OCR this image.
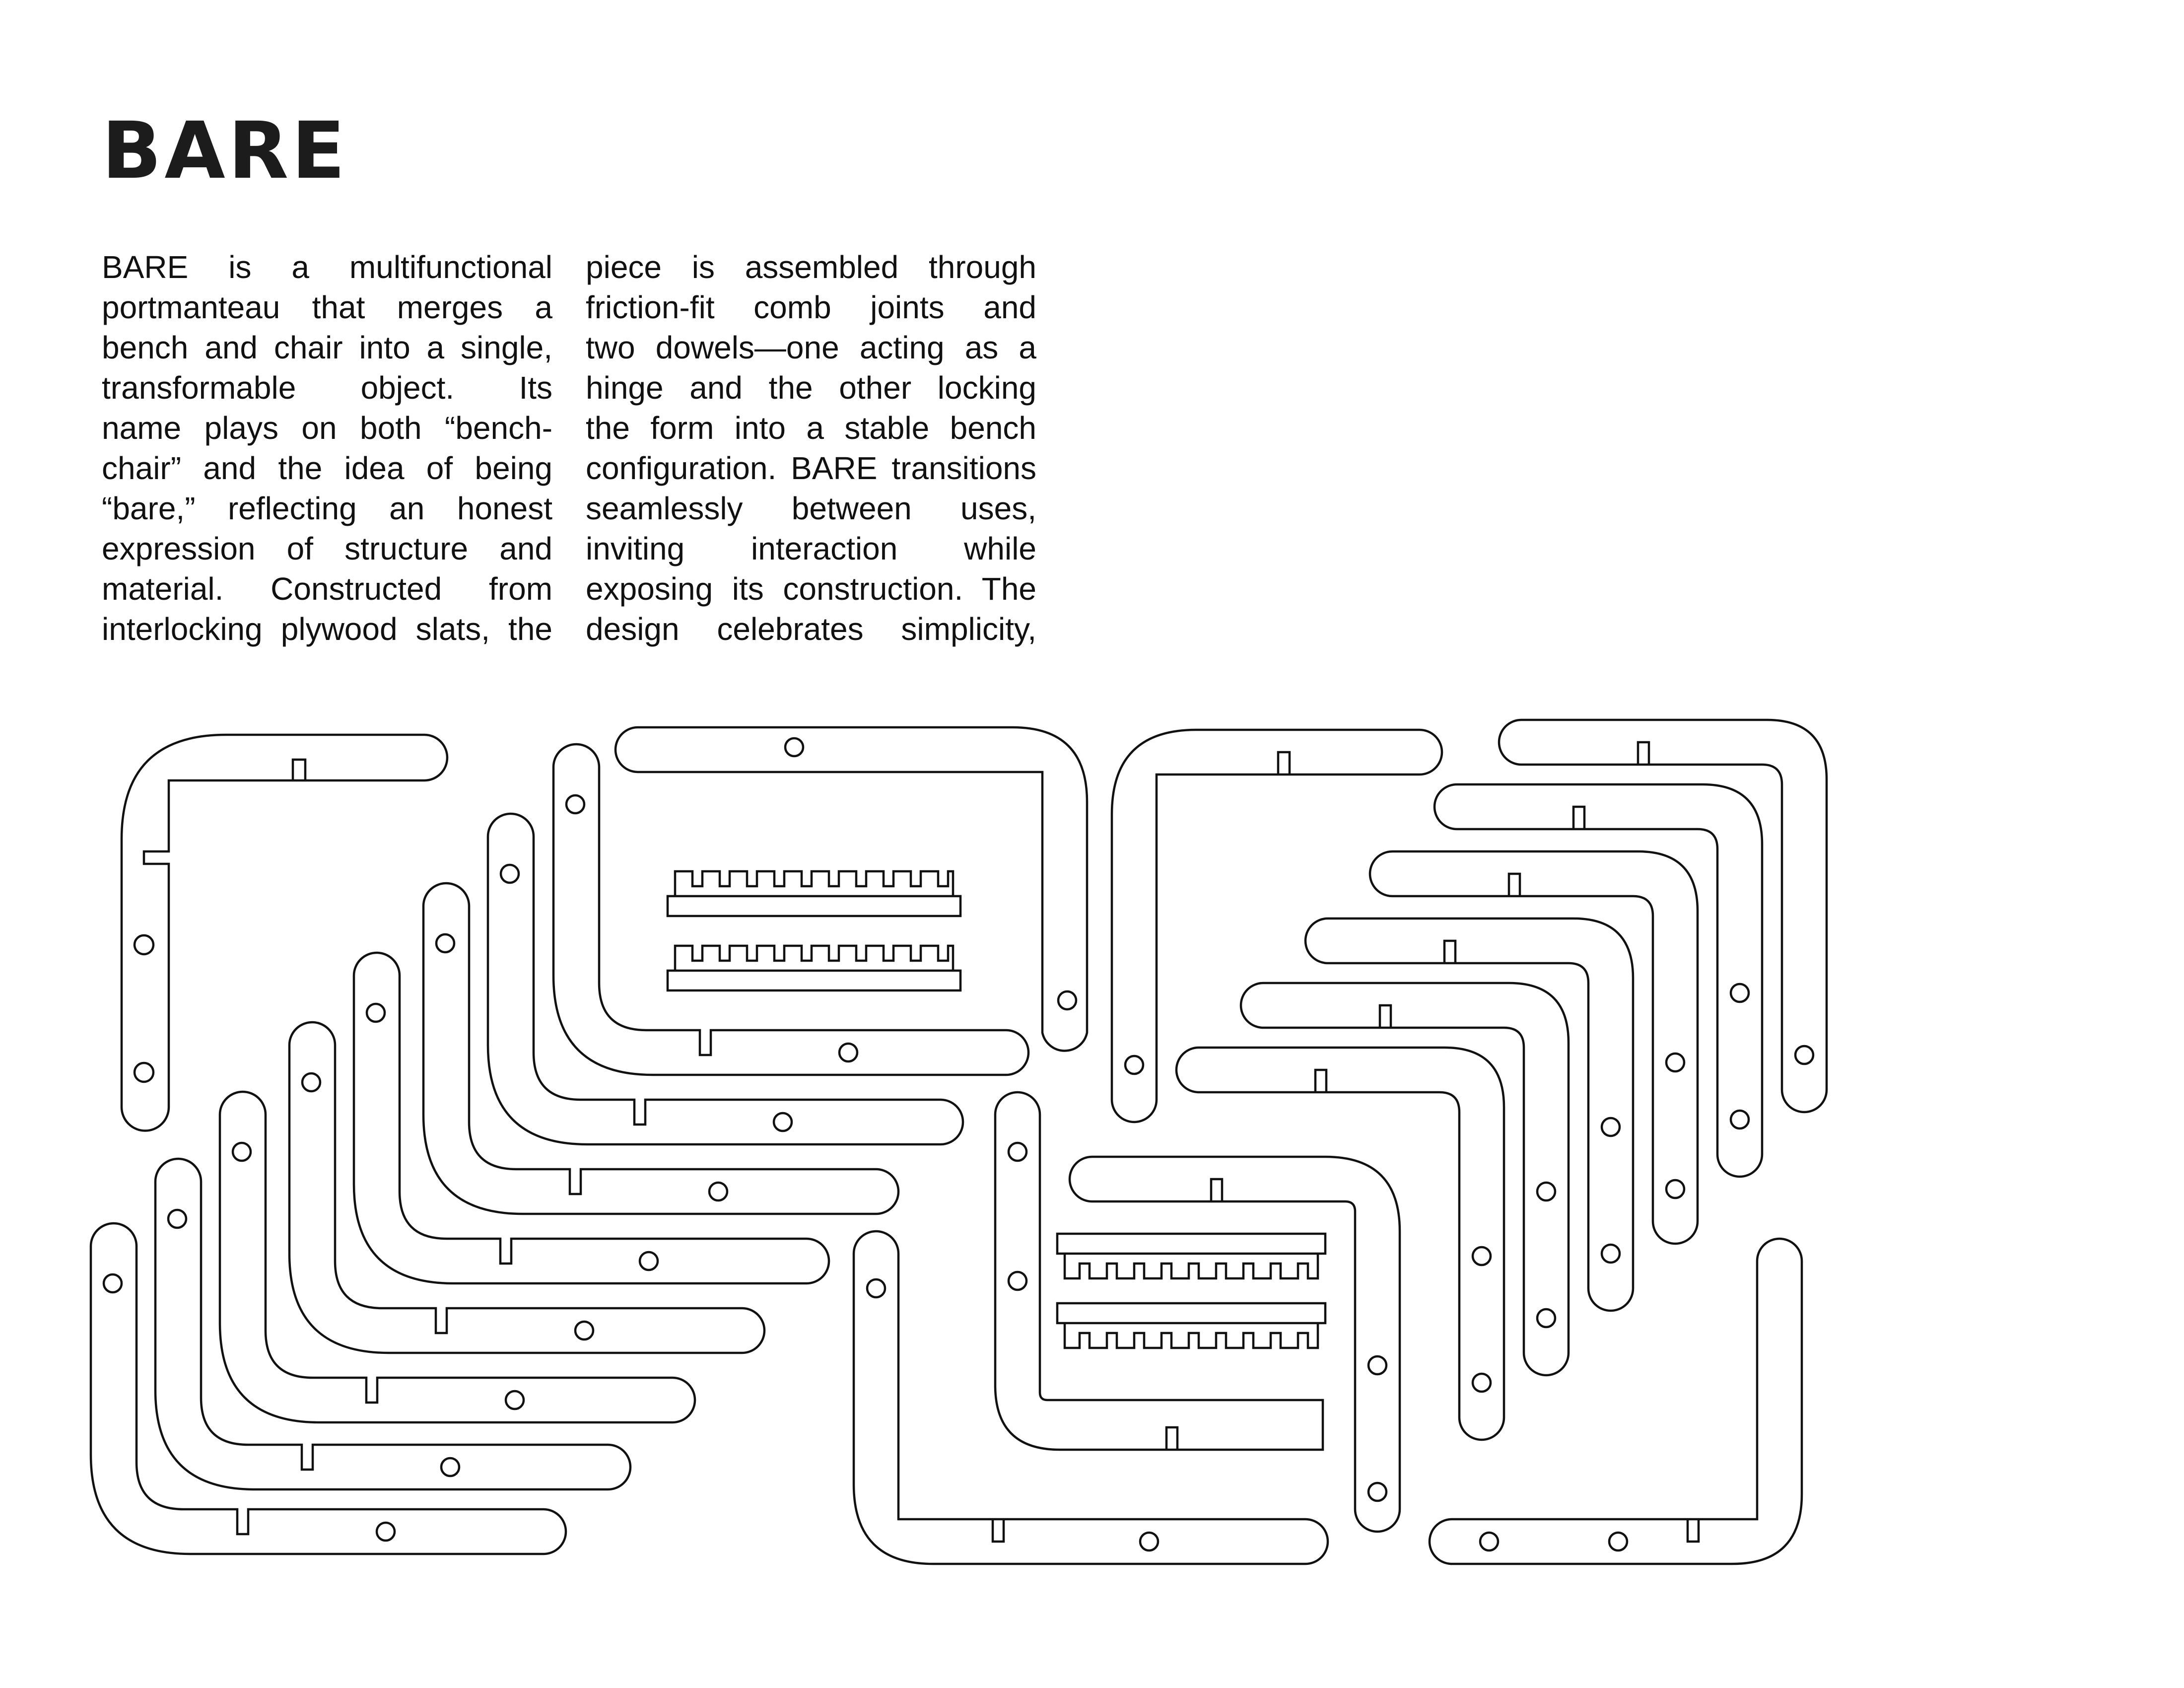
BARE
BARE is a multifunctional
portmanteau that merges a
bench and chair into a single,
transformable object. Its
name plays on both “bench-
chair” and the idea of being
“bare,” reflecting an honest
expression of structure and
material. Constructed from
interlocking plywood slats, the
piece is assembled through
friction-fit comb joints and
two dowels—one acting as a
hinge and the other locking
the form into a stable bench
configuration. BARE transitions
seamlessly between uses,
inviting interaction while
exposing its construction. The
design celebrates simplicity,
